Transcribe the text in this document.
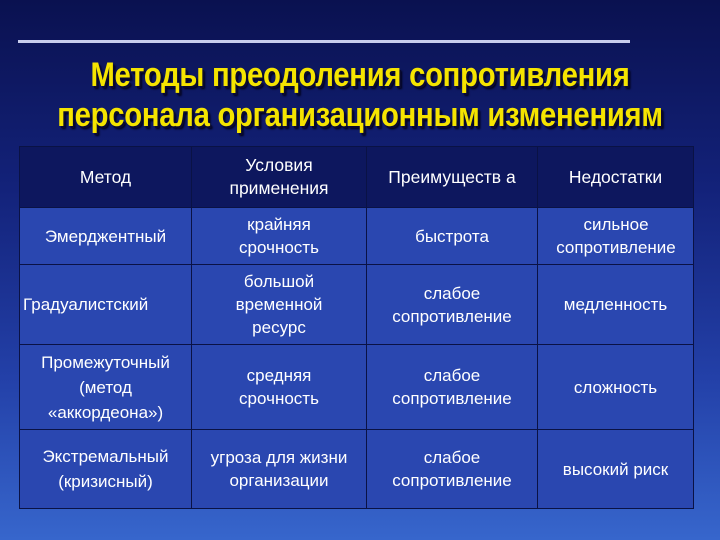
Методы преодоления сопротивления
персонала организационным изменениям
Метод	Условия применения	Преимуществ а	Недостатки
Эмерджентный	крайняя срочность	быстрота	сильное сопротивление
Градуалистский	большой временной ресурс	слабое сопротивление	медленность
Промежуточный (метод «аккордеона»)	средняя срочность	слабое сопротивление	сложность
Экстремальный (кризисный)	угроза для жизни организации	слабое сопротивление	высокий риск
